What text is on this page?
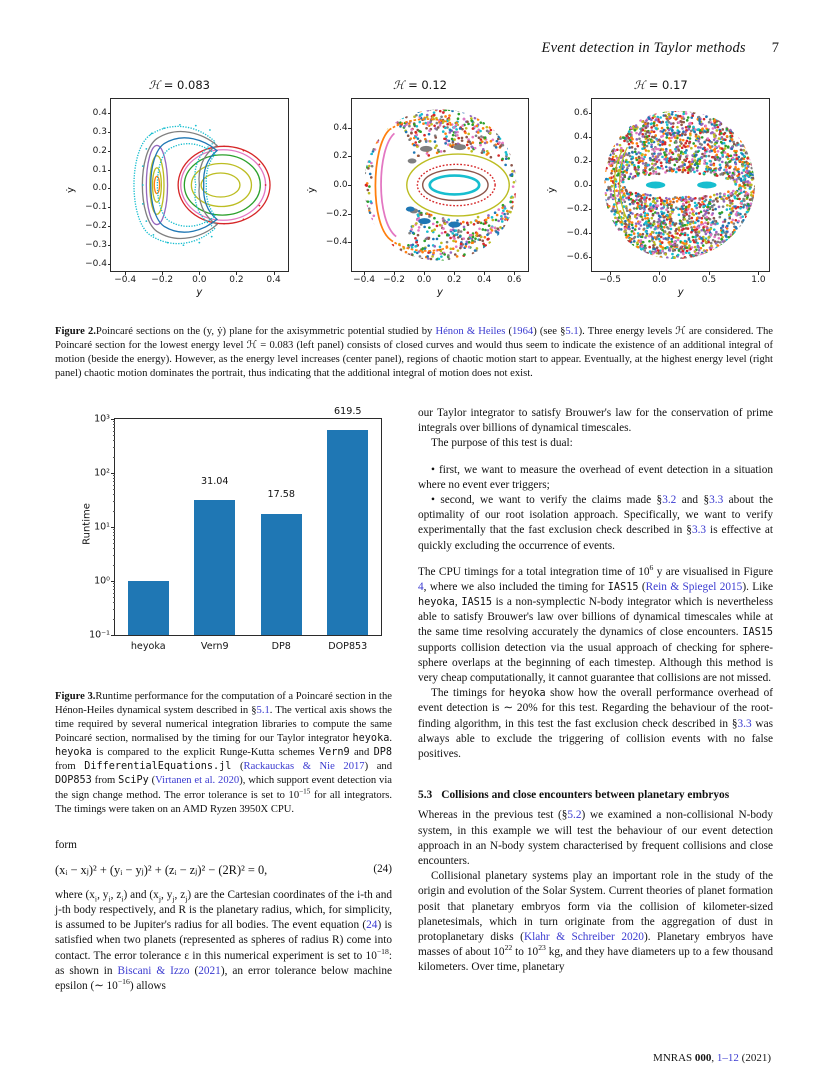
Event detection in Taylor methods 7
ℋ = 0.083
ẏ
0.4
0.3
0.2
0.1
0.0
−0.1
−0.2
−0.3
−0.4
−0.4 −0.2 0.0	0.2	0.4
y
ℋ = 0.12
ẏ
0.4
0.2
0.0
−0.2
−0.4
−0.4 −0.2 0.0 0.2 0.4 0.6
y
ℋ = 0.17
ẏ
0.6
0.4
0.2
0.0
−0.2
−0.4
−0.6
−0.5	0.0	0.5	1.0
y
Figure 2.Poincaré sections on the (y, ẏ) plane for the axisymmetric potential studied by Hénon & Heiles (1964) (see §5.1). Three energy levels ℋ are considered. The Poincaré section for the lowest energy level ℋ = 0.083 (left panel) consists of closed curves and would thus seem to indicate the existence of an additional integral of motion (beside the energy). However, as the energy level increases (center panel), regions of chaotic motion start to appear. Eventually, at the highest energy level (right panel) chaotic motion dominates the portrait, thus indicating that the additional integral of motion does not exist.
Runtime
10⁻¹
10⁰
10¹
10²
10³
heyoka
31.04
Vern9
17.58
DP8
619.5
DOP853
Figure 3.Runtime performance for the computation of a Poincaré section in the Hénon-Heiles dynamical system described in §5.1. The vertical axis shows the time required by several numerical integration libraries to compute the same Poincaré section, normalised by the timing for our Taylor integrator heyoka. heyoka is compared to the explicit Runge-Kutta schemes Vern9 and DP8 from DifferentialEquations.jl (Rackauckas & Nie 2017) and DOP853 from SciPy (Virtanen et al. 2020), which support event detection via the sign change method. The error tolerance is set to $10^{-15}$ for all integrators. The timings were taken on an AMD Ryzen 3950X CPU.

form

(xᵢ − xⱼ)² + (yᵢ − yⱼ)² + (zᵢ − zⱼ)² − (2R)² = 0,	(24)

where ($x_i$, $y_i$, $z_i$) and ($x_j$, $y_j$, $z_j$) are the Cartesian coordinates of the i-th and j-th body respectively, and R is the planetary radius, which, for simplicity, is assumed to be Jupiter's radius for all bodies. The event equation (24) is satisfied when two planets (represented as spheres of radius R) come into contact. The error tolerance ε in this numerical experiment is set to $10^{-18}$: as shown in Biscani & Izzo (2021), an error tolerance below machine epsilon (∼ $10^{-16}$) allows

our Taylor integrator to satisfy Brouwer's law for the conservation of prime integrals over billions of dynamical timescales.

The purpose of this test is dual:

• first, we want to measure the overhead of event detection in a situation where no event ever triggers;

• second, we want to verify the claims made §3.2 and §3.3 about the optimality of our root isolation approach. Specifically, we want to verify experimentally that the fast exclusion check described in §3.3 is effective at quickly excluding the occurrence of events.

The CPU timings for a total integration time of $10^6$ y are visualised in Figure 4, where we also included the timing for IAS15 (Rein & Spiegel 2015). Like heyoka, IAS15 is a non-symplectic N-body integrator which is nevertheless able to satisfy Brouwer's law over billions of dynamical timescales while at the same time resolving accurately the dynamics of close encounters. IAS15 supports collision detection via the usual approach of checking for sphere-sphere overlaps at the beginning of each timestep. Although this method is very cheap computationally, it cannot guarantee that collisions are not missed.

The timings for heyoka show how the overall performance overhead of event detection is ∼ 20% for this test. Regarding the behaviour of the root-finding algorithm, in this test the fast exclusion check described in §3.3 was always able to exclude the triggering of collision events with no false positives.

5.3 Collisions and close encounters between planetary embryos

Whereas in the previous test (§5.2) we examined a non-collisional N-body system, in this example we will test the behaviour of our event detection approach in an N-body system characterised by frequent collisions and close encounters.

Collisional planetary systems play an important role in the study of the origin and evolution of the Solar System. Current theories of planet formation posit that planetary embryos form via the collision of kilometer-sized planetesimals, which in turn originate from the aggregation of dust in protoplanetary disks (Klahr & Schreiber 2020). Planetary embryos have masses of about $10^{22}$ to $10^{23}$ kg, and they have diameters up to a few thousand kilometers. Over time, planetary

MNRAS 000, 1–12 (2021)
